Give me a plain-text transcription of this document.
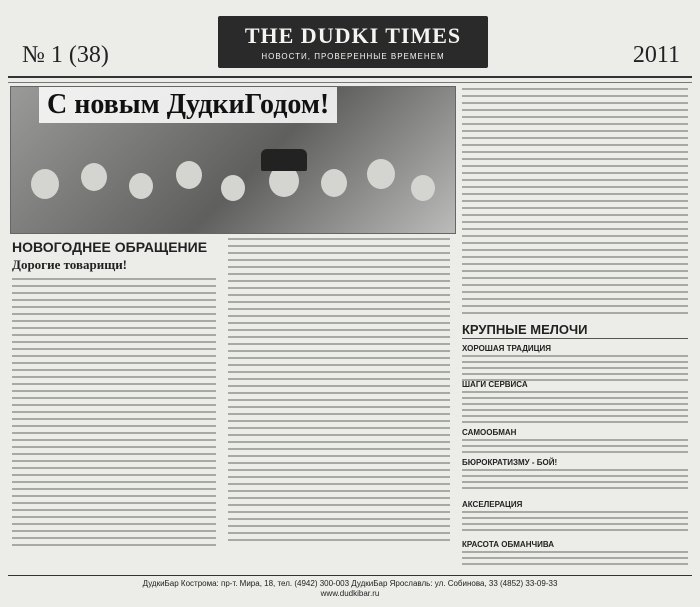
№ 1 (38)
THE DUDKI TIMES
НОВОСТИ, ПРОВЕРЕННЫЕ ВРЕМЕНЕМ	2011
С новым ДудкиГодом!
НОВОГОДНЕЕ ОБРАЩЕНИЕ
Дорогие товарищи!
КРУПНЫЕ МЕЛОЧИ
ХОРОШАЯ ТРАДИЦИЯ
ШАГИ СЕРВИСА
САМООБМАН
БЮРОКРАТИЗМУ - БОЙ!
АКСЕЛЕРАЦИЯ
КРАСОТА ОБМАНЧИВА
ДудкиБар Кострома: пр-т. Мира, 18, тел. (4942) 300-003 ДудкиБар Ярославль: ул. Собинова, 33 (4852) 33-09-33
www.dudkibar.ru
